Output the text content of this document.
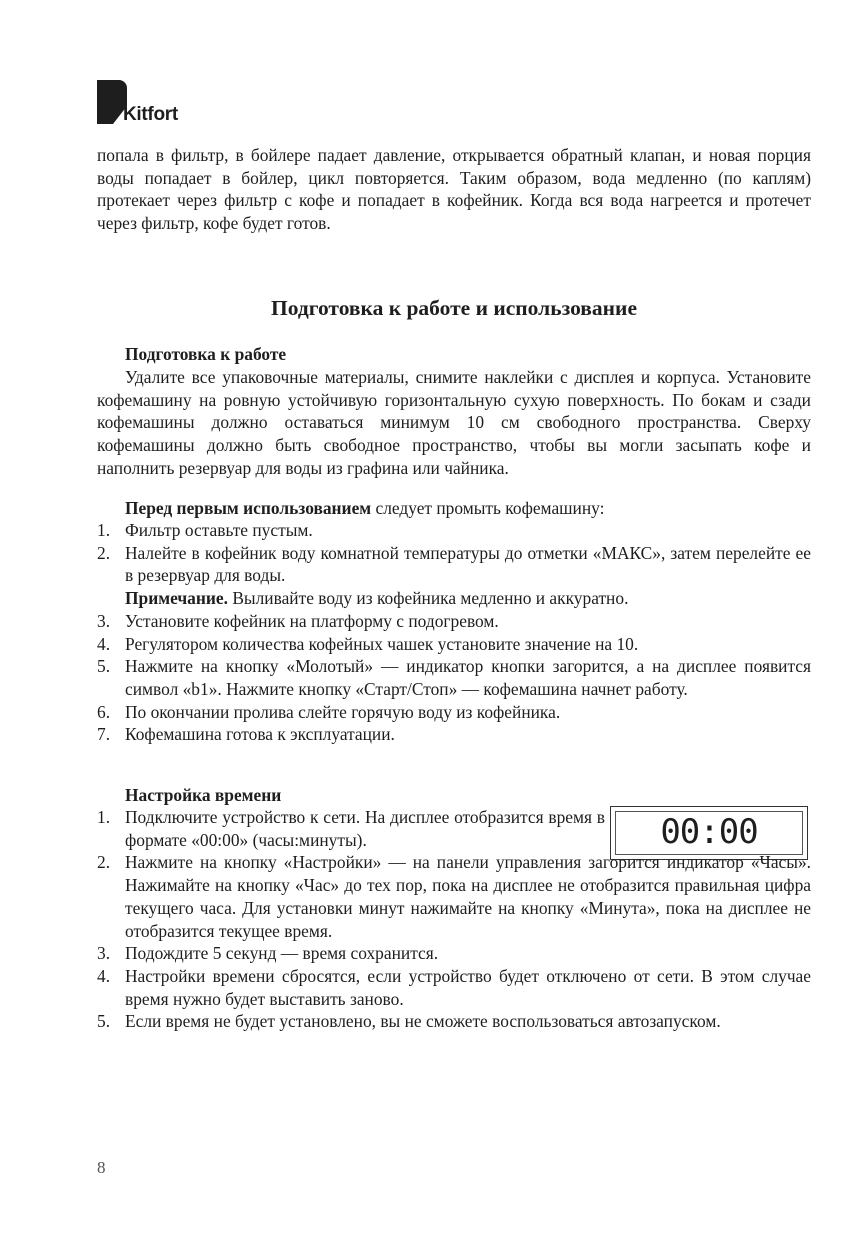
Kitfort

попала в фильтр, в бойлере падает давление, открывается обратный клапан, и новая порция воды попадает в бойлер, цикл повторяется. Таким образом, вода медленно (по каплям) протекает через фильтр с кофе и попадает в кофейник. Когда вся вода нагреется и протечет через фильтр, кофе будет готов.

Подготовка к работе и использование
Подготовка к работе

Удалите все упаковочные материалы, снимите наклейки с дисплея и корпуса. Установите кофемашину на ровную устойчивую горизонтальную сухую поверхность. По бокам и сзади кофемашины должно оставаться минимум 10 см свободного пространства. Сверху кофемашины должно быть свободное пространство, чтобы вы могли засыпать кофе и наполнить резервуар для воды из графина или чайника.

Перед первым использованием следует промыть кофемашину:

1. Фильтр оставьте пустым.
2. Налейте в кофейник воду комнатной температуры до отметки «МАКС», затем перелейте ее в резервуар для воды.
Примечание. Выливайте воду из кофейника медленно и аккуратно.
3. Установите кофейник на платформу с подогревом.
4. Регулятором количества кофейных чашек установите значение на 10.
5. Нажмите на кнопку «Молотый» — индикатор кнопки загорится, а на дисплее появится символ «b1». Нажмите кнопку «Старт/Стоп» — кофемашина начнет работу.
6. По окончании пролива слейте горячую воду из кофейника.
7. Кофемашина готова к эксплуатации.
Настройка времени
00:00
1. Подключите устройство к сети. На дисплее отобразится время в формате «00:00» (часы:минуты).
2. Нажмите на кнопку «Настройки» — на панели управления загорится индикатор «Часы». Нажимайте на кнопку «Час» до тех пор, пока на дисплее не отобразится правильная цифра текущего часа. Для установки минут нажимайте на кнопку «Минута», пока на дисплее не отобразится текущее время.
3. Подождите 5 секунд — время сохранится.
4. Настройки времени сбросятся, если устройство будет отключено от сети. В этом случае время нужно будет выставить заново.
5. Если время не будет установлено, вы не сможете воспользоваться автозапуском.
8
